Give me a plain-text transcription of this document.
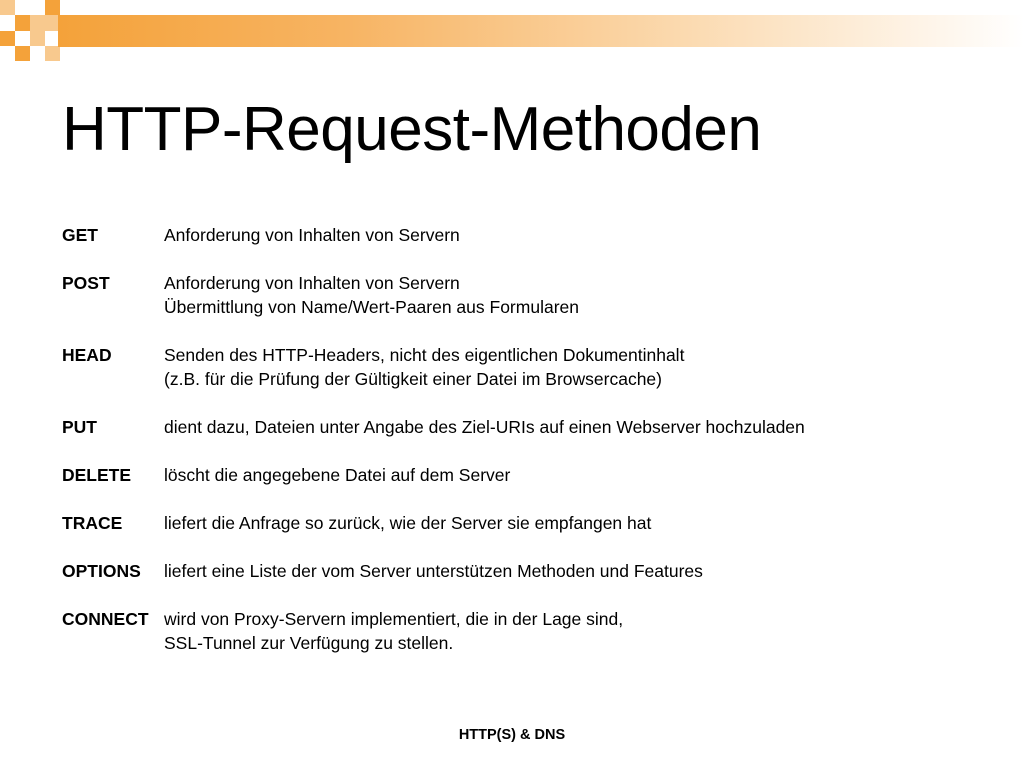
HTTP-Request-Methoden
GET	Anforderung von Inhalten von Servern
POST	Anforderung von Inhalten von Servern
Übermittlung von Name/Wert-Paaren aus Formularen
HEAD	Senden des HTTP-Headers, nicht des eigentlichen Dokumentinhalt
(z.B. für die Prüfung der Gültigkeit einer Datei im Browsercache)
PUT	dient dazu, Dateien unter Angabe des Ziel-URIs auf einen Webserver hochzuladen
DELETE	löscht die angegebene Datei auf dem Server
TRACE	liefert die Anfrage so zurück, wie der Server sie empfangen hat
OPTIONS	liefert eine Liste der vom Server unterstützen Methoden und Features
CONNECT wird von Proxy-Servern implementiert, die in der Lage sind,
SSL-Tunnel zur Verfügung zu stellen.
HTTP(S) & DNS
